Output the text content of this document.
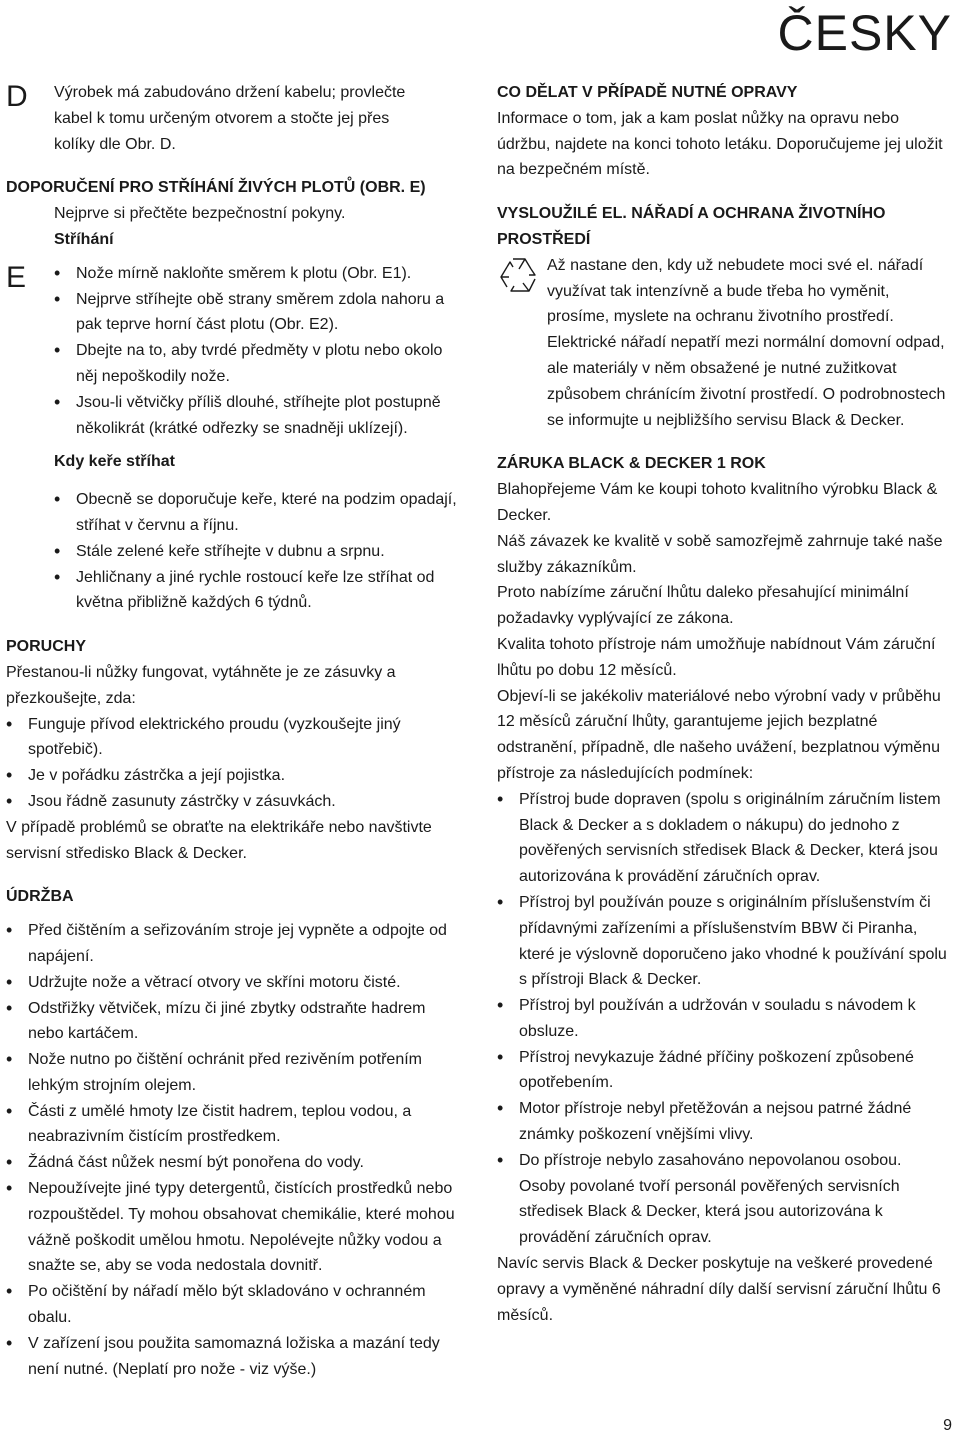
ČESKY
D Výrobek má zabudováno držení kabelu; provlečte
kabel k tomu určeným otvorem a stočte jej přes
kolíky dle Obr. D.
DOPORUČENÍ PRO STŘÍHÁNÍ ŽIVÝCH PLOTŮ (OBR. E)
Nejprve si přečtěte bezpečnostní pokyny.
E
Stříhání
• Nože mírně nakloňte směrem k plotu (Obr. E1).
• Nejprve stříhejte obě strany směrem zdola nahoru a pak teprve horní část plotu (Obr. E2).
• Dbejte na to, aby tvrdé předměty v plotu nebo okolo něj nepoškodily nože.
• Jsou-li větvičky příliš dlouhé, stříhejte plot postupně několikrát (krátké odřezky se snadněji uklízejí).
Kdy keře stříhat
• Obecně se doporučuje keře, které na podzim opadají, stříhat v červnu a říjnu.
• Stále zelené keře stříhejte v dubnu a srpnu.
• Jehličnany a jiné rychle rostoucí keře lze stříhat od května přibližně každých 6 týdnů.
PORUCHY
Přestanou-li nůžky fungovat, vytáhněte je ze zásuvky a přezkoušejte, zda:
• Funguje přívod elektrického proudu (vyzkoušejte jiný spotřebič).
• Je v pořádku zástrčka a její pojistka.
• Jsou řádně zasunuty zástrčky v zásuvkách.
V případě problémů se obraťte na elektrikáře nebo navštivte servisní středisko Black & Decker.
ÚDRŽBA
• Před čištěním a seřizováním stroje jej vypněte a odpojte od napájení.
• Udržujte nože a větrací otvory ve skříni motoru čisté.
• Odstřižky větviček, mízu či jiné zbytky odstraňte hadrem nebo kartáčem.
• Nože nutno po čištění ochránit před rezivěním potřením lehkým strojním olejem.
• Části z umělé hmoty lze čistit hadrem, teplou vodou, a neabrazivním čistícím prostředkem.
• Žádná část nůžek nesmí být ponořena do vody.
• Nepoužívejte jiné typy detergentů, čistících prostředků nebo rozpouštědel. Ty mohou obsahovat chemikálie, které mohou vážně poškodit umělou hmotu. Nepolévejte nůžky vodou a snažte se, aby se voda nedostala dovnitř.
• Po očištění by nářadí mělo být skladováno v ochranném obalu.
• V zařízení jsou použita samomazná ložiska a mazání tedy není nutné. (Neplatí pro nože - viz výše.)
CO DĚLAT V PŘÍPADĚ NUTNÉ OPRAVY
Informace o tom, jak a kam poslat nůžky na opravu nebo údržbu, najdete na konci tohoto letáku. Doporučujeme jej uložit na bezpečném místě.
VYSLOUŽILÉ EL. NÁŘADÍ A OCHRANA ŽIVOTNÍHO PROSTŘEDÍ
Až nastane den, kdy už nebudete moci své el. nářadí využívat tak intenzívně a bude třeba ho vyměnit, prosíme, myslete na ochranu životního prostředí. Elektrické nářadí nepatří mezi normální domovní odpad, ale materiály v něm obsažené je nutné zužitkovat způsobem chránícím životní prostředí. O podrobnostech se informujte u nejbližšího servisu Black & Decker.
ZÁRUKA BLACK & DECKER 1 ROK
Blahopřejeme Vám ke koupi tohoto kvalitního výrobku Black & Decker.
Náš závazek ke kvalitě v sobě samozřejmě zahrnuje také naše služby zákazníkům.
Proto nabízíme záruční lhůtu daleko přesahující minimální požadavky vyplývající ze zákona.
Kvalita tohoto přístroje nám umožňuje nabídnout Vám záruční lhůtu po dobu 12 měsíců.
Objeví-li se jakékoliv materiálové nebo výrobní vady v průběhu 12 měsíců záruční lhůty, garantujeme jejich bezplatné odstranění, případně, dle našeho uvážení, bezplatnou výměnu přístroje za následujících podmínek:
• Přístroj bude dopraven (spolu s originálním záručním listem Black & Decker a s dokladem o nákupu) do jednoho z pověřených servisních středisek Black & Decker, která jsou autorizována k provádění záručních oprav.
• Přístroj byl používán pouze s originálním příslušenstvím či přídavnými zařízeními a příslušenstvím BBW či Piranha, které je výslovně doporučeno jako vhodné k používání spolu s přístroji Black & Decker.
• Přístroj byl používán a udržován v souladu s návodem k obsluze.
• Přístroj nevykazuje žádné příčiny poškození způsobené opotřebením.
• Motor přístroje nebyl přetěžován a nejsou patrné žádné známky poškození vnějšími vlivy.
• Do přístroje nebylo zasahováno nepovolanou osobou. Osoby povolané tvoří personál pověřených servisních středisek Black & Decker, která jsou autorizována k provádění záručních oprav.
Navíc servis Black & Decker poskytuje na veškeré provedené opravy a vyměněné náhradní díly další servisní záruční lhůtu 6 měsíců.
9
